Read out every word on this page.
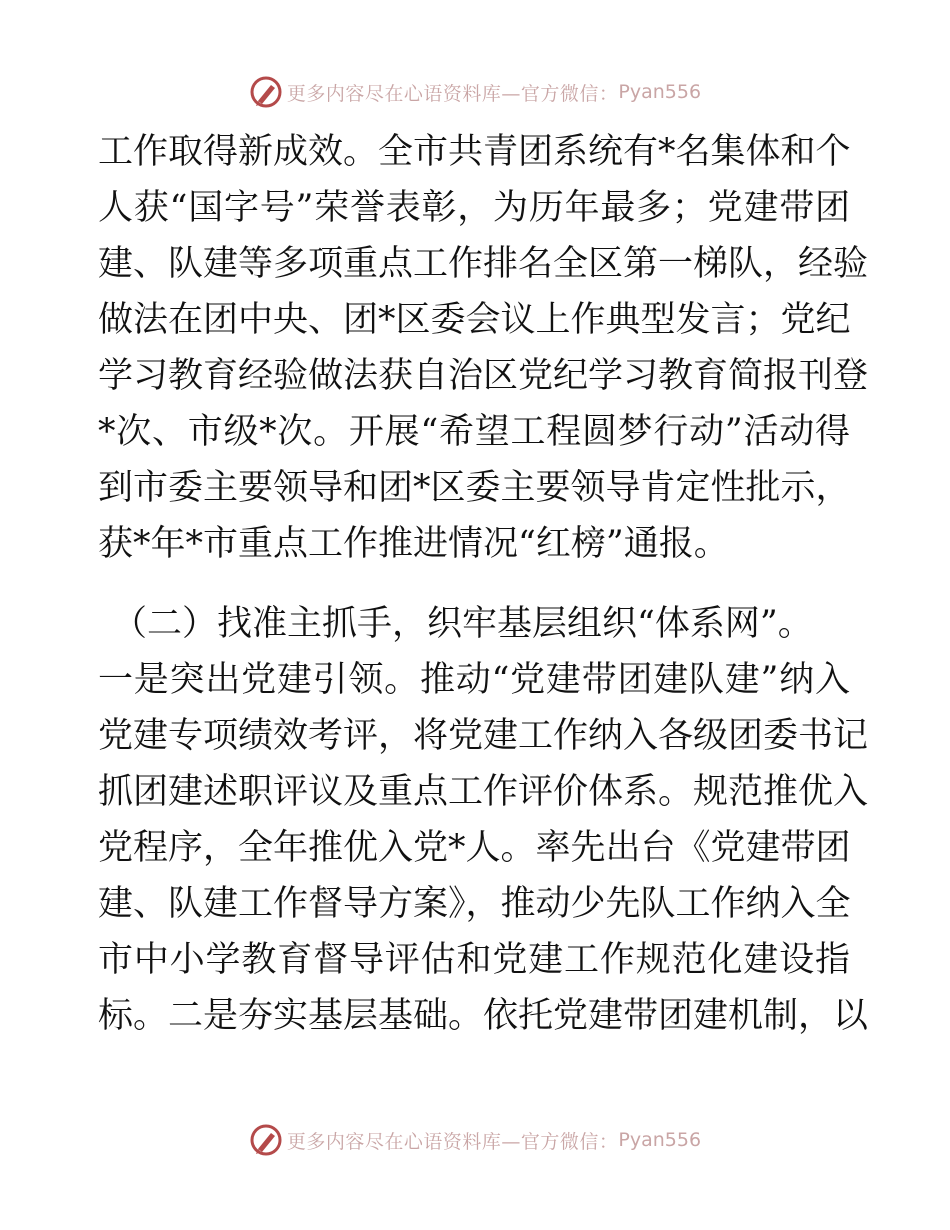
更多内容尽在心语资料库—官方微信： Pyan556
工作取得新成效。全市共青团系统有*名集体和个
人获“国字号”荣誉表彰，为历年最多；党建带团
建、队建等多项重点工作排名全区第一梯队，经验
做法在团中央、团*区委会议上作典型发言；党纪
学习教育经验做法获自治区党纪学习教育简报刊登
*次、市级*次。开展“希望工程圆梦行动”活动得
到市委主要领导和团*区委主要领导肯定性批示，
获*年*市重点工作推进情况“红榜”通报。
（二）找准主抓手，织牢基层组织“体系网”。
一是突出党建引领。推动“党建带团建队建”纳入
党建专项绩效考评，将党建工作纳入各级团委书记
抓团建述职评议及重点工作评价体系。规范推优入
党程序，全年推优入党*人。率先出台《党建带团
建、队建工作督导方案》，推动少先队工作纳入全
市中小学教育督导评估和党建工作规范化建设指
标。二是夯实基层基础。依托党建带团建机制，以
更多内容尽在心语资料库—官方微信： Pyan556
